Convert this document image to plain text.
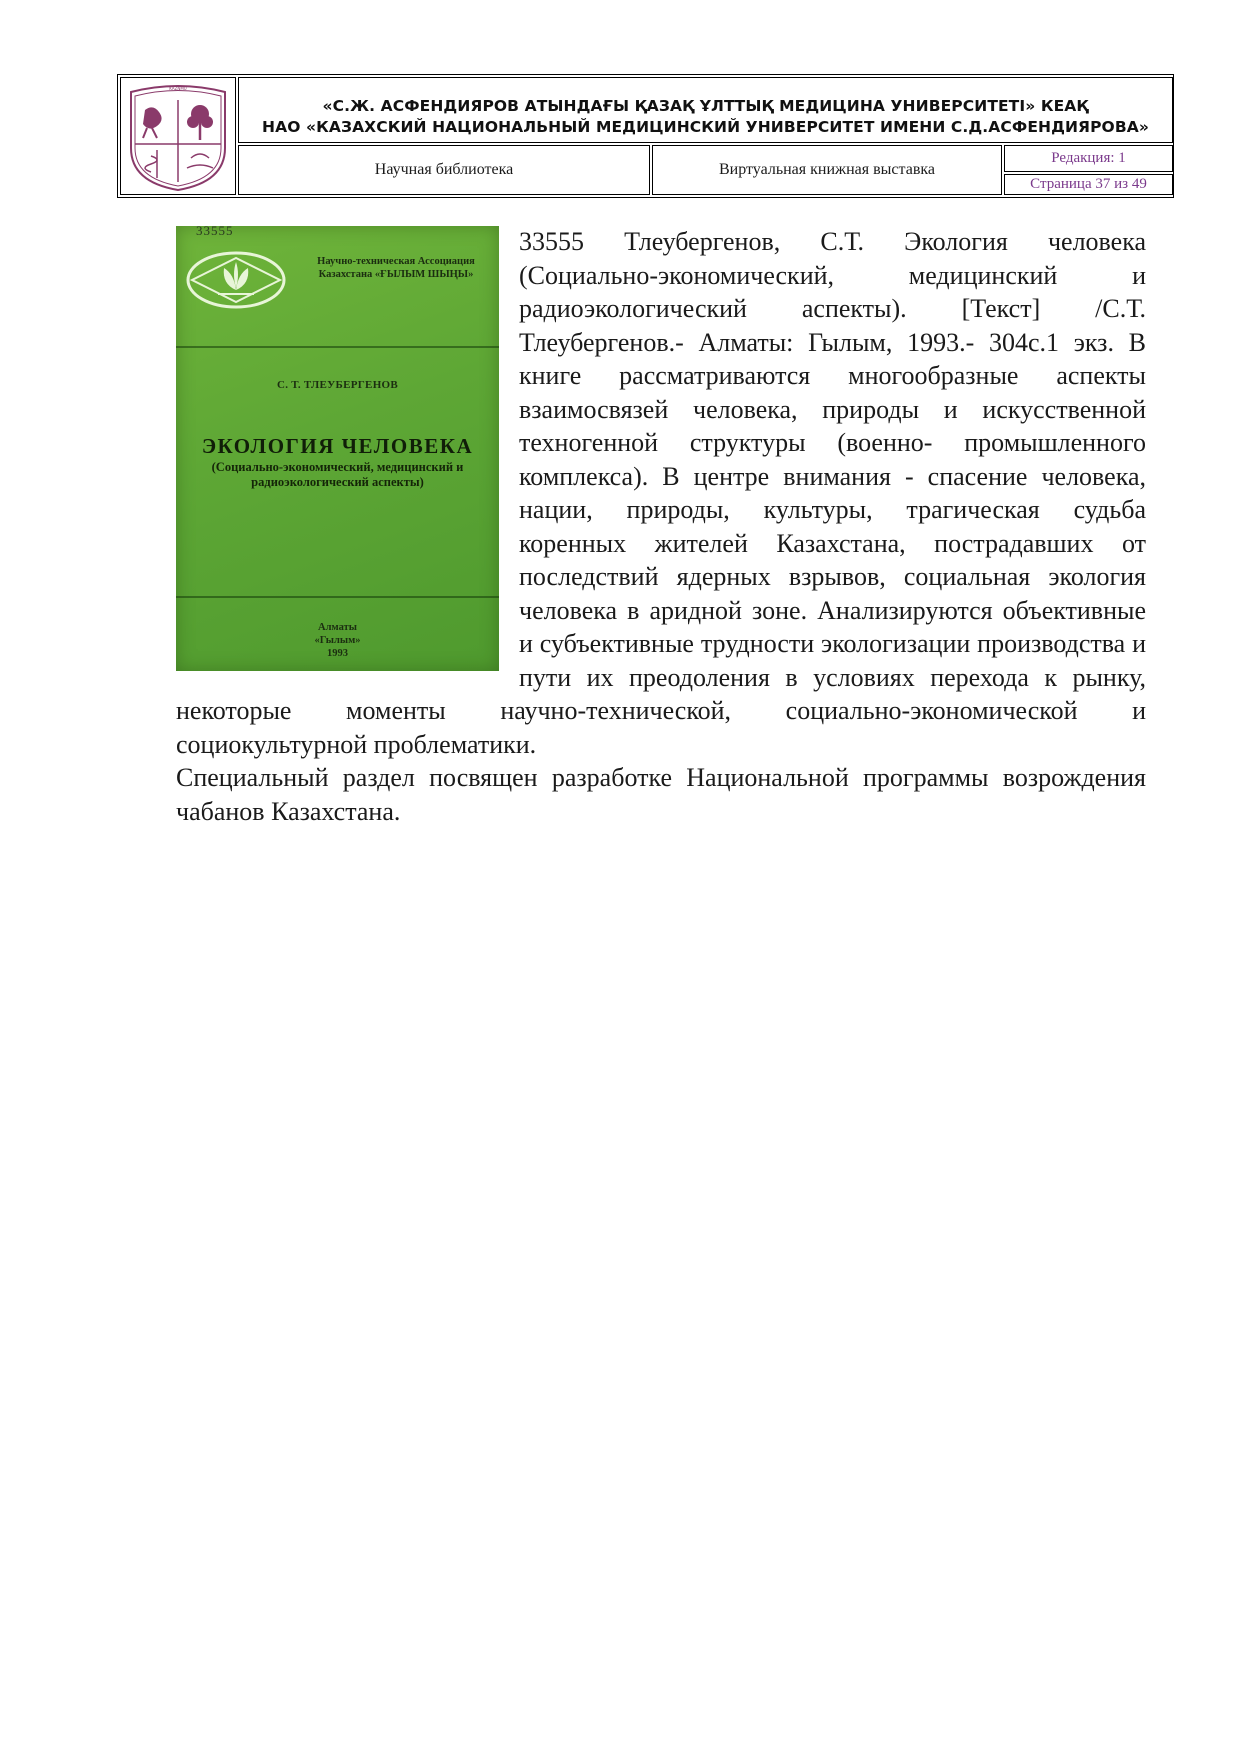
KAZNMU
«С.Ж. АСФЕНДИЯРОВ АТЫНДАҒЫ ҚАЗАҚ ҰЛТТЫҚ МЕДИЦИНА УНИВЕРСИТЕТІ» КЕАҚ
НАО «КАЗАХСКИЙ НАЦИОНАЛЬНЫЙ МЕДИЦИНСКИЙ УНИВЕРСИТЕТ ИМЕНИ С.Д.АСФЕНДИЯРОВА»
Научная библиотека	Виртуальная книжная выставка
Редакция: 1
Страница 37 из 49
33555
Научно-техническая Ассоциация Казахстана «ҒЫЛЫМ ШЫҢЫ»
С. Т. ТЛЕУБЕРГЕНОВ
ЭКОЛОГИЯ ЧЕЛОВЕКА
(Социально-экономический, медицинский и радиоэкологический аспекты)
Алматы
«Гылым»
1993

33555 Тлеубергенов, С.Т. Экология человека (Социально-экономический, медицинский и радиоэкологический аспекты). [Текст] /С.Т. Тлеубергенов.- Алматы: Гылым, 1993.- 304с.1 экз. В книге рассматриваются многообразные аспекты взаимосвязей человека, природы и искусственной техногенной структуры (военно- промышленного комплекса). В центре внимания - спасение человека, нации, природы, культуры, трагическая судьба коренных жителей Казахстана, пострадавших от последствий ядерных взрывов, социальная экология человека в аридной зоне. Анализируются объективные и субъективные трудности экологизации производства и пути их преодоления в условиях перехода к рынку, некоторые моменты научно-технической, социально-экономической и социокультурной проблематики.

Специальный раздел посвящен разработке Национальной программы возрождения чабанов Казахстана.
